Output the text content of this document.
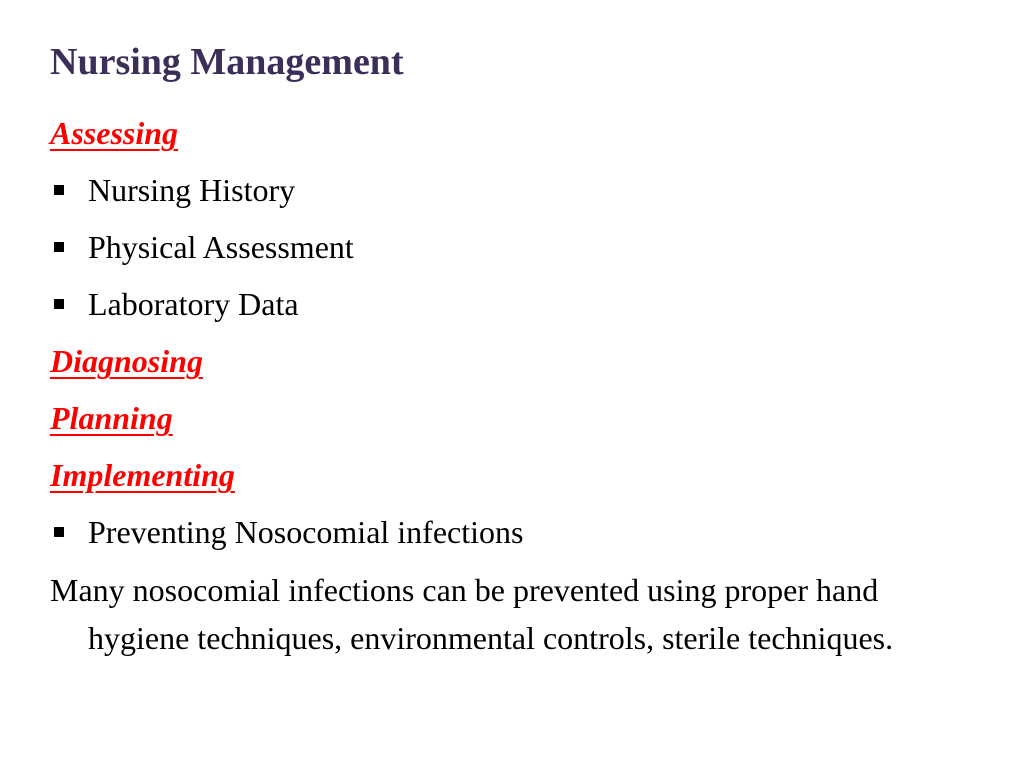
Nursing Management
Assessing
Nursing History
Physical Assessment
Laboratory Data
Diagnosing
Planning
Implementing
Preventing Nosocomial infections
Many nosocomial infections can be prevented using proper hand hygiene techniques, environmental controls, sterile techniques.
